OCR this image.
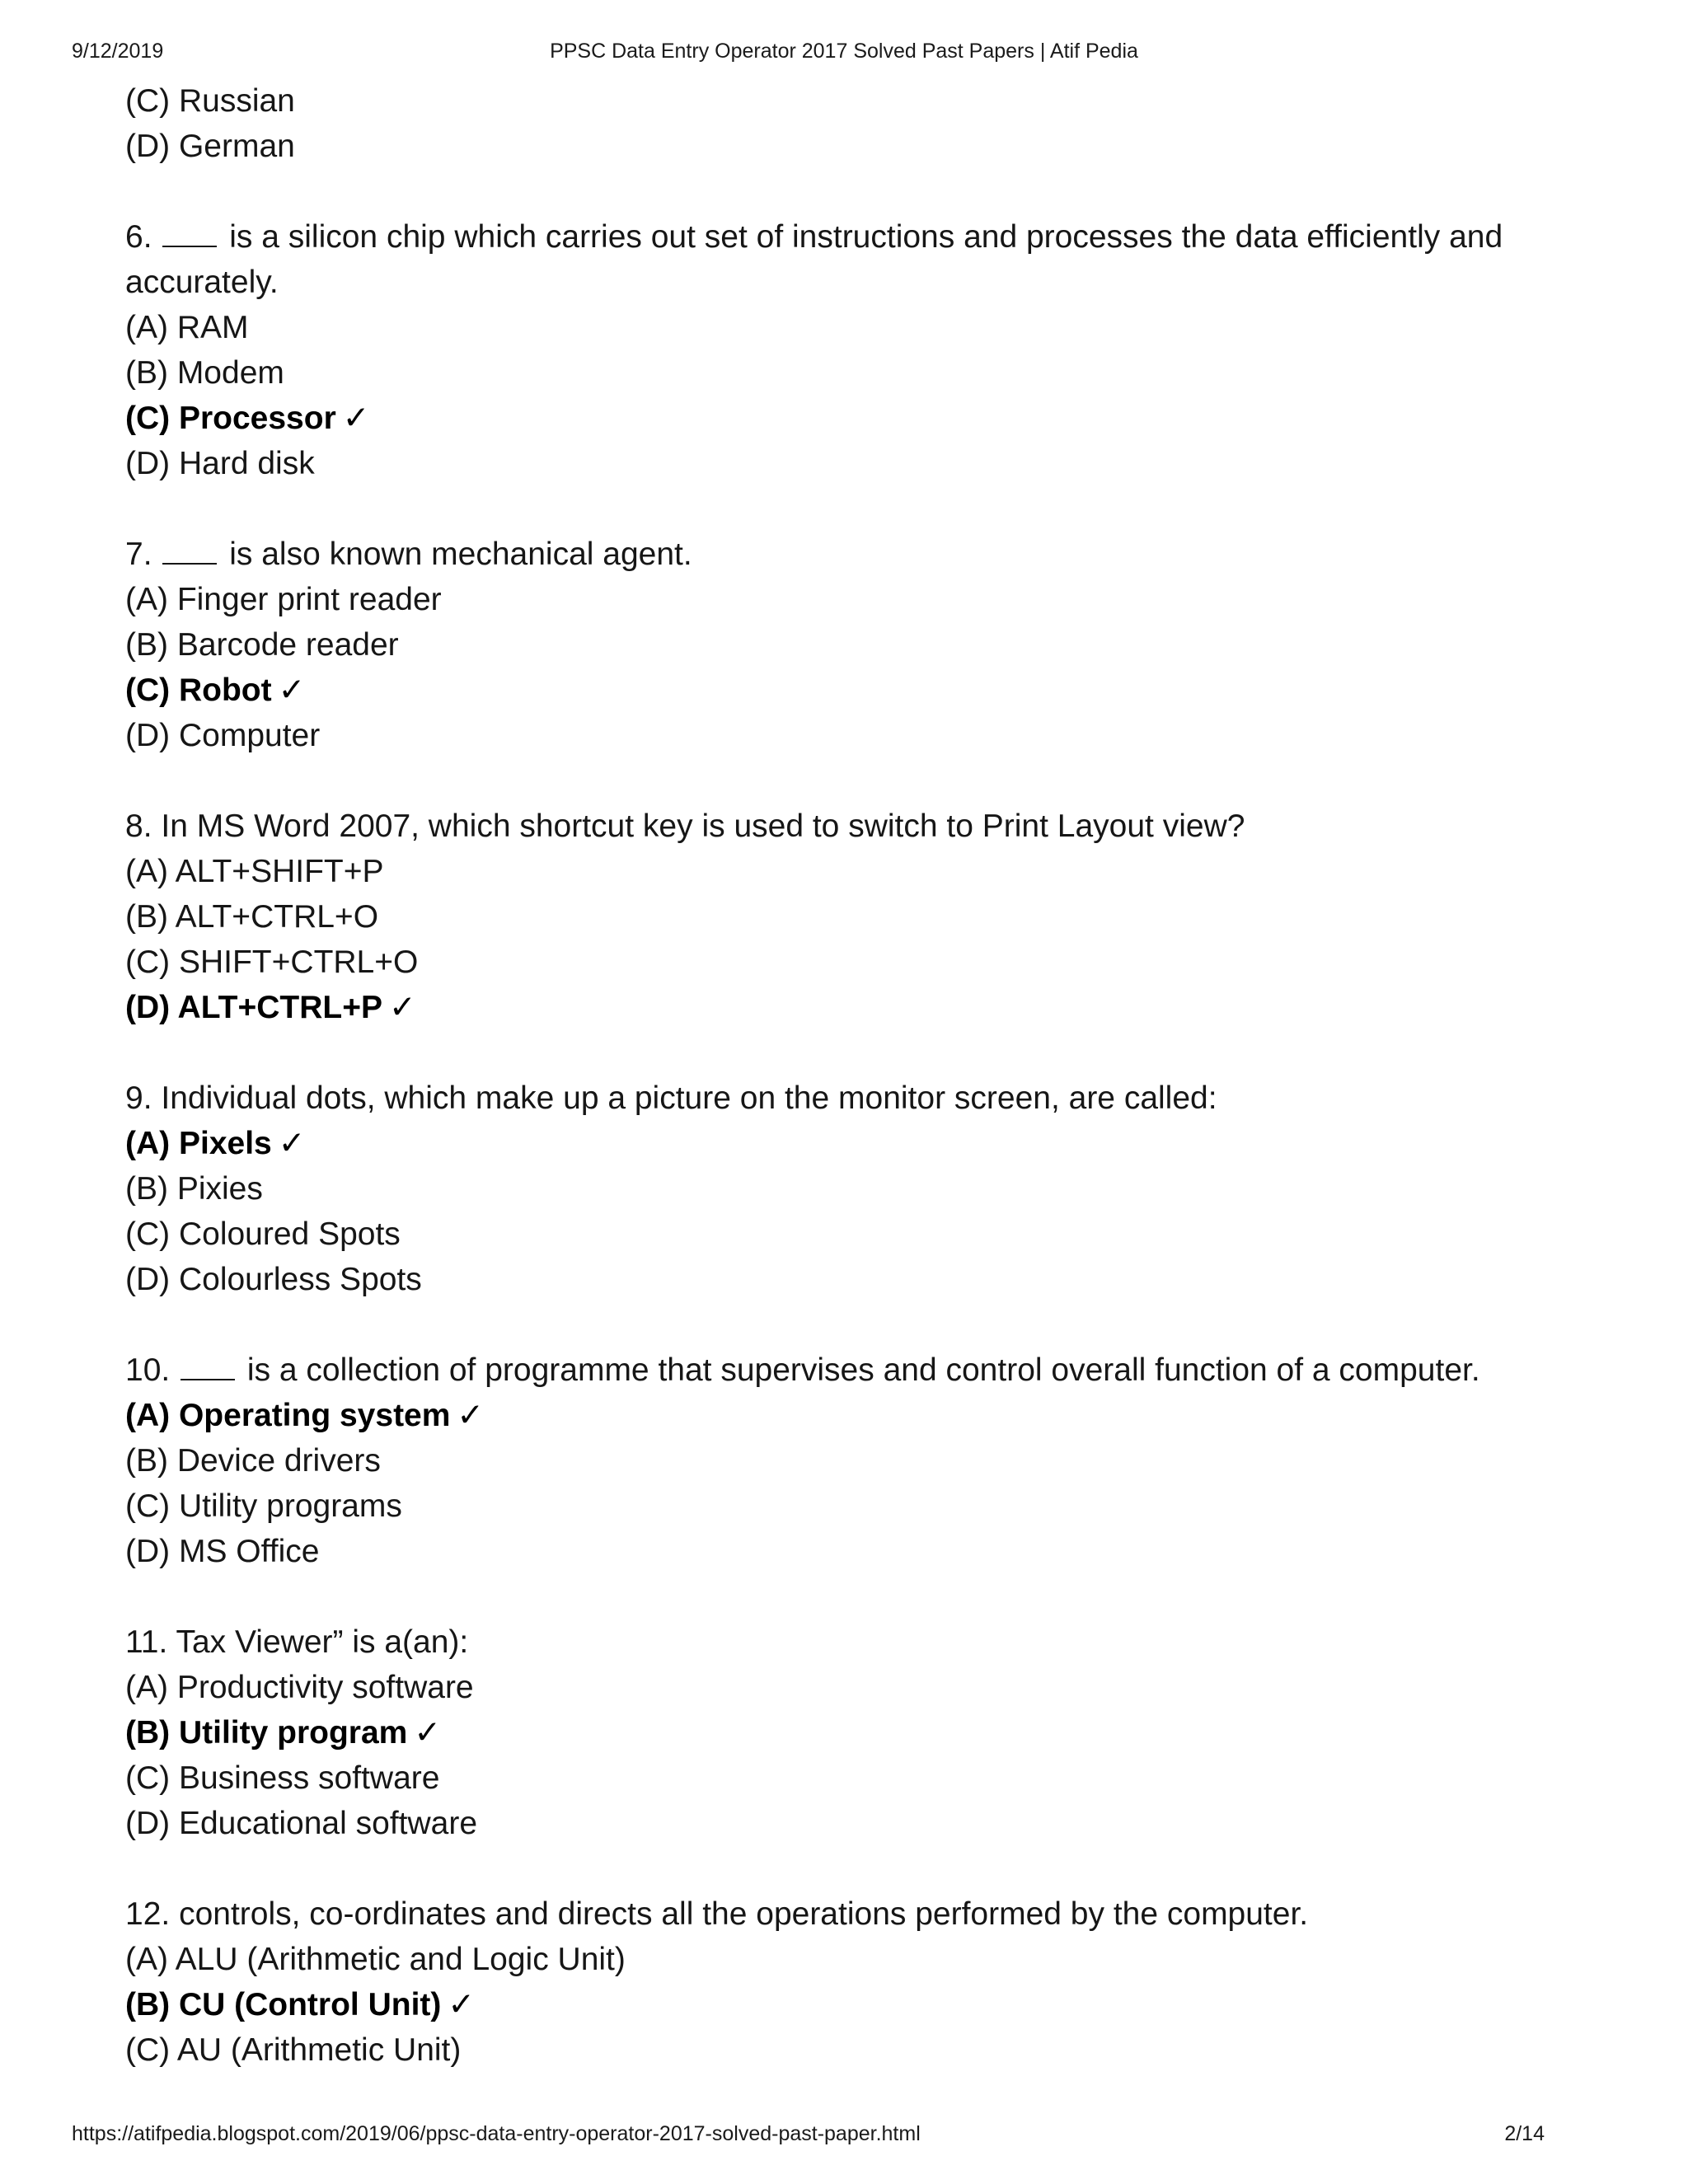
9/12/2019	PPSC Data Entry Operator 2017 Solved Past Papers | Atif Pedia
(C) Russian
(D) German
6. is a silicon chip which carries out set of instructions and processes the data efficiently and accurately.
(A) RAM
(B) Modem
(C) Processor ✓
(D) Hard disk
7. is also known mechanical agent.
(A) Finger print reader
(B) Barcode reader
(C) Robot ✓
(D) Computer
8. In MS Word 2007, which shortcut key is used to switch to Print Layout view?
(A) ALT+SHIFT+P
(B) ALT+CTRL+O
(C) SHIFT+CTRL+O
(D) ALT+CTRL+P ✓
9. Individual dots, which make up a picture on the monitor screen, are called:
(A) Pixels ✓
(B) Pixies
(C) Coloured Spots
(D) Colourless Spots
10. is a collection of programme that supervises and control overall function of a computer.
(A) Operating system ✓
(B) Device drivers
(C) Utility programs
(D) MS Office
11. Tax Viewer” is a(an):
(A) Productivity software
(B) Utility program ✓
(C) Business software
(D) Educational software
12. controls, co-ordinates and directs all the operations performed by the computer.
(A) ALU (Arithmetic and Logic Unit)
(B) CU (Control Unit) ✓
(C) AU (Arithmetic Unit)
https://atifpedia.blogspot.com/2019/06/ppsc-data-entry-operator-2017-solved-past-paper.html	2/14
